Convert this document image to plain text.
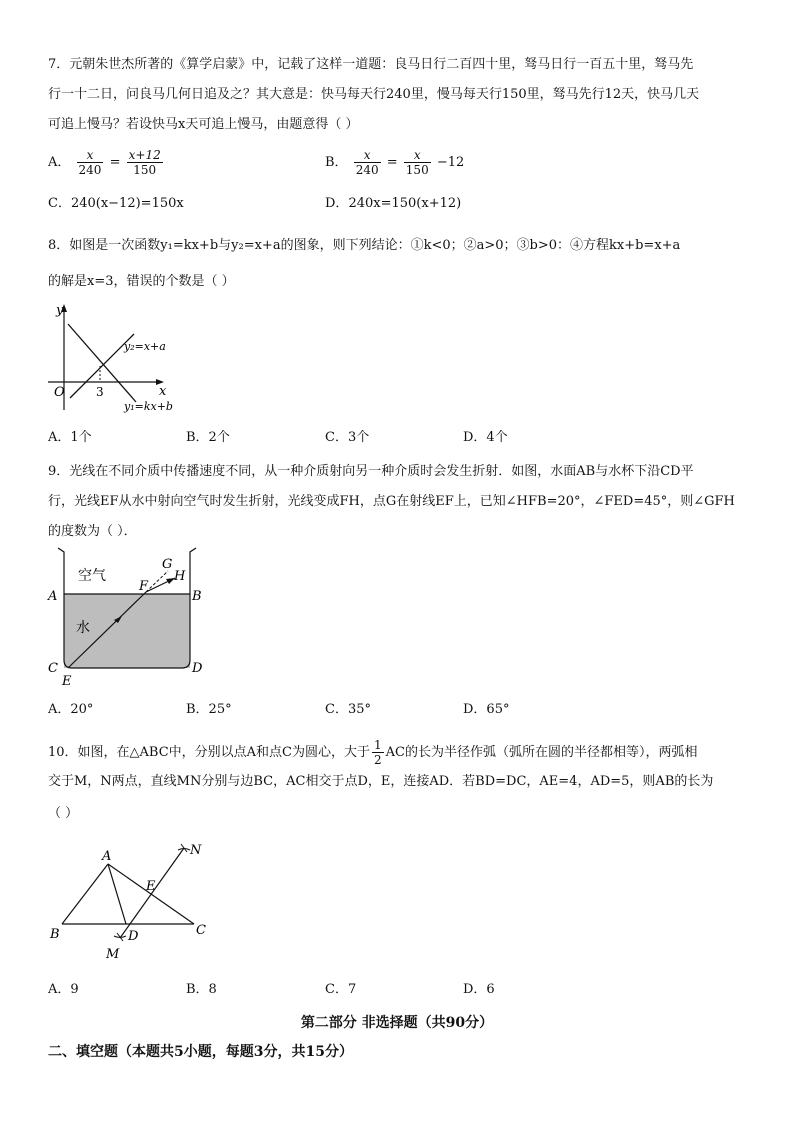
7．元朝朱世杰所著的《算学启蒙》中，记载了这样一道题：良马日行二百四十里，驽马日行一百五十里，驽马先
行一十二日，问良马几何日追及之？其大意是：快马每天行240里，慢马每天行150里，驽马先行12天，快马几天
可追上慢马？若设快马x天可追上慢马，由题意得（ ）
A． $\frac{x}{240} = \frac{x+12}{150}$	B． $\frac{x}{240} = \frac{x}{150} -12$
C．240(x−12)=150x	D．240x=150(x+12)
8．如图是一次函数y₁=kx+b与y₂=x+a的图象，则下列结论：①k<0；②a>0；③b>0：④方程kx+b=x+a
的解是x=3，错误的个数是（ ）
y
x
O	3
y₂=x+a
y₁=kx+b
A．1个	B．2个	C．3个	D．4个
9．光线在不同介质中传播速度不同，从一种介质射向另一种介质时会发生折射．如图，水面AB与水杯下沿CD平
行，光线EF从水中射向空气时发生折射，光线变成FH，点G在射线EF上，已知∠HFB=20°，∠FED=45°，则∠GFH
的度数为（ ）．
空气
水
A	B
C	D
E
F
G
H
A．20°	B．25°	C．35°	D．65°
10．如图，在△ABC中，分别以点A和点C为圆心，大于 $\frac{1}{2}$ AC的长为半径作弧（弧所在圆的半径都相等），两弧相
交于M，N两点，直线MN分别与边BC，AC相交于点D，E，连接AD．若BD=DC，AE=4，AD=5，则AB的长为
（ ）
A
B	C
D
E
M
N
A．9	B．8	C．7	D．6
第二部分 非选择题（共90分）
二、填空题（本题共5小题，每题3分，共15分）
